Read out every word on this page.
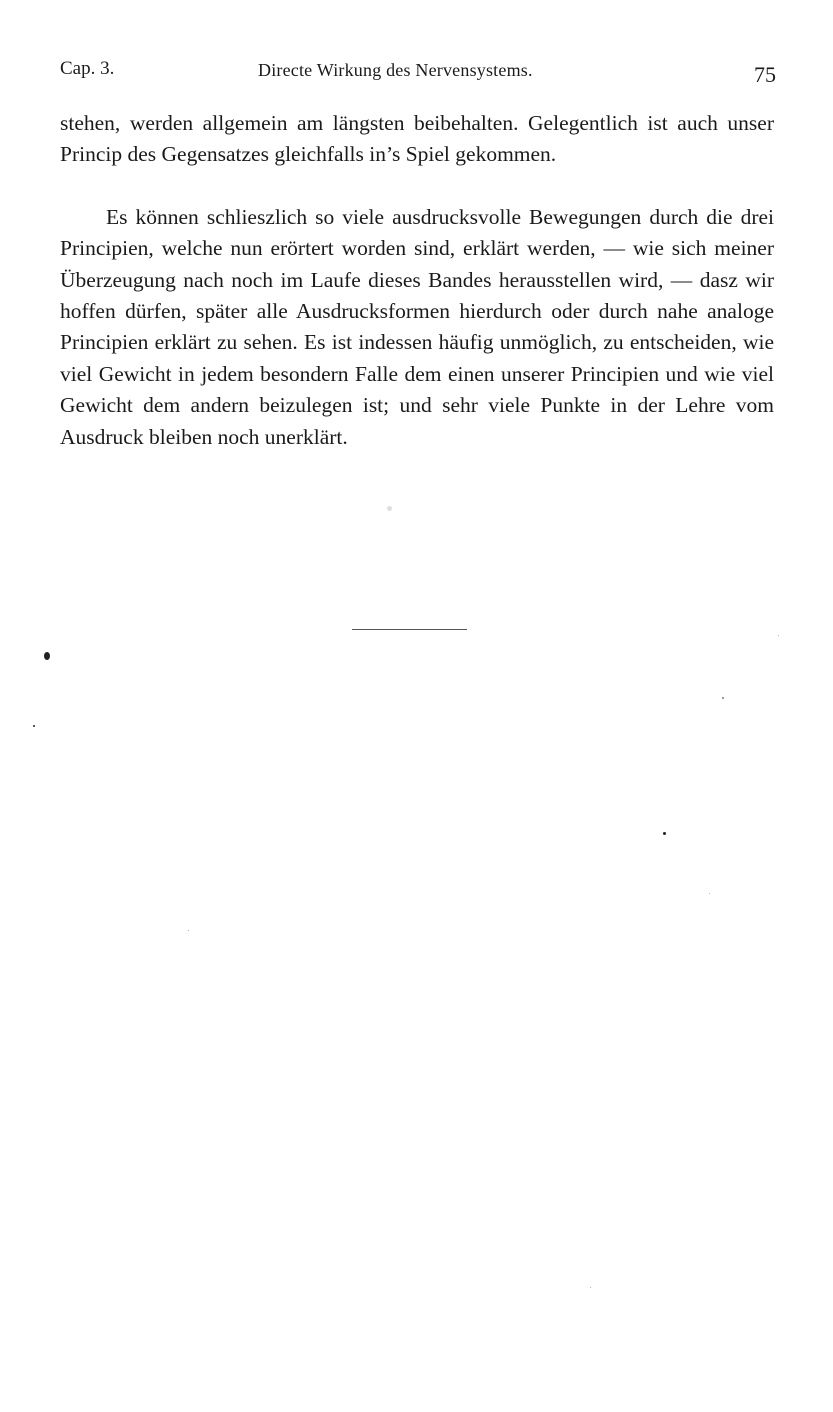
Cap. 3.	Directe Wirkung des Nervensystems.	75

stehen, werden allgemein am längsten beibehalten. Gelegentlich ist auch unser Princip des Gegensatzes gleichfalls in’s Spiel gekommen.

Es können schlieszlich so viele ausdrucksvolle Bewegungen durch die drei Principien, welche nun erörtert worden sind, erklärt werden, — wie sich meiner Überzeugung nach noch im Laufe dieses Bandes herausstellen wird, — dasz wir hoffen dürfen, später alle Ausdrucksformen hierdurch oder durch nahe analoge Principien erklärt zu sehen. Es ist indessen häufig unmöglich, zu entscheiden, wie viel Gewicht in jedem besondern Falle dem einen unserer Principien und wie viel Gewicht dem andern beizulegen ist; und sehr viele Punkte in der Lehre vom Ausdruck bleiben noch unerklärt.
